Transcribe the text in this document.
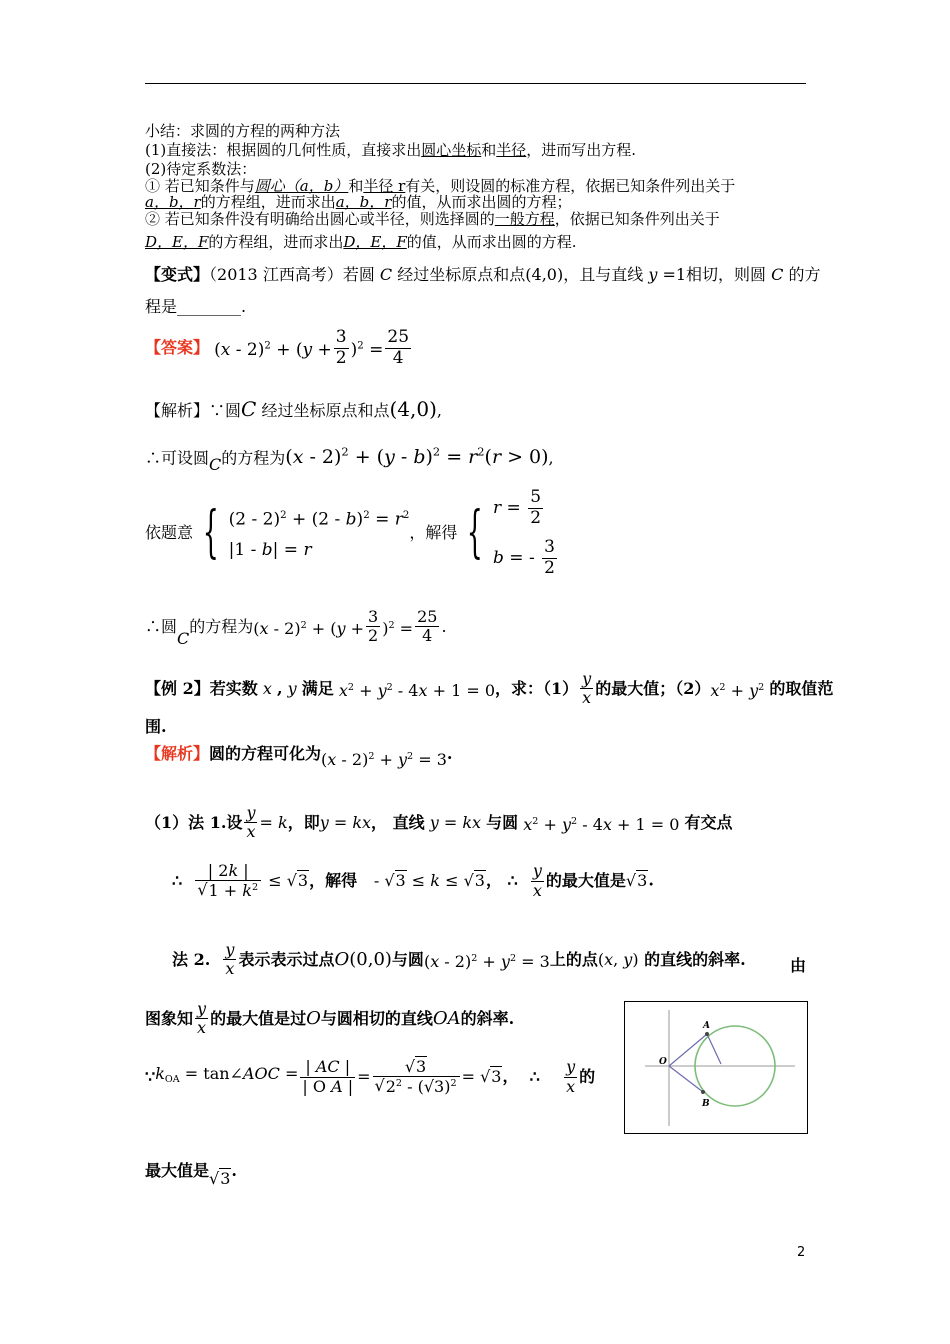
小结：求圆的方程的两种方法
(1)直接法：根据圆的几何性质，直接求出圆心坐标和半径，进而写出方程.
(2)待定系数法：
① 若已知条件与圆心（a，b）和半径 r有关，则设圆的标准方程，依据已知条件列出关于
a，b，r的方程组，进而求出a，b，r的值，从而求出圆的方程；
② 若已知条件没有明确给出圆心或半径，则选择圆的一般方程，依据已知条件列出关于
D，E，F的方程组，进而求出D，E，F的值，从而求出圆的方程.
【变式】（2013 江西高考）若圆 C 经过坐标原点和点(4,0)，且与直线 y =1相切，则圆 C 的方
程是________.
【答案】 $(x - 2)^2 + (y + \frac{3}{2} )^2 = \frac{25}{4}$
【解析】∵圆C 经过坐标原点和点(4,0),
∴可设圆C的方程为$(x - 2)^2 + (y - b)^2 = r^2(r > 0)$,
依题意 { $(2 - 2)^2 + (2 - b)^2 = r^2$
|1 - b| = r
，解得 { $r = \frac{5}{2}$
b = - $\frac{3}{2}$
∴圆C的方程为$(x - 2)^2 + (y + \frac{3}{2} )^2 = \frac{25}{4}$ .
【例 2】若实数 x , y 满足 $x^2 + y^2 - 4x + 1 = 0$，求：$(1) \frac{y}{x}$ 的最大值；$(2)x^2 + y^2$ 的取值范
围.
【解析】圆的方程可化为$(x - 2)^2 + y^2 = 3$.
（1）法 1.设 $\frac{y}{x} = k$，即y = kx， 直线 y = kx 与圆 $x^2 + y^2 - 4x + 1 = 0$ 有交点
∴ $\frac{| 2k |}{√1 + k^2} \le √3$，解得 - √3 ≤ k ≤ √3， ∴ $\frac{y}{x}$ 的最大值是√3.
法 2. $\frac{y}{x}$ 表示表示过点O(0,0)与圆$(x - 2)^2 + y^2 = 3$上的点(x, y) 的直线的斜率.	由
图象知 $\frac{y}{x}$ 的最大值是过O与圆相切的直线OA的斜率.
$\because k_{OA}$ = tan∠AOC = $\frac{| AC |}{\text{| O A |}} = \frac{√3}{√2^2 - (√3)^2} = √3$，  ∴ $\frac{y}{x}$ 的
最大值是√3.
O
A
B
2
